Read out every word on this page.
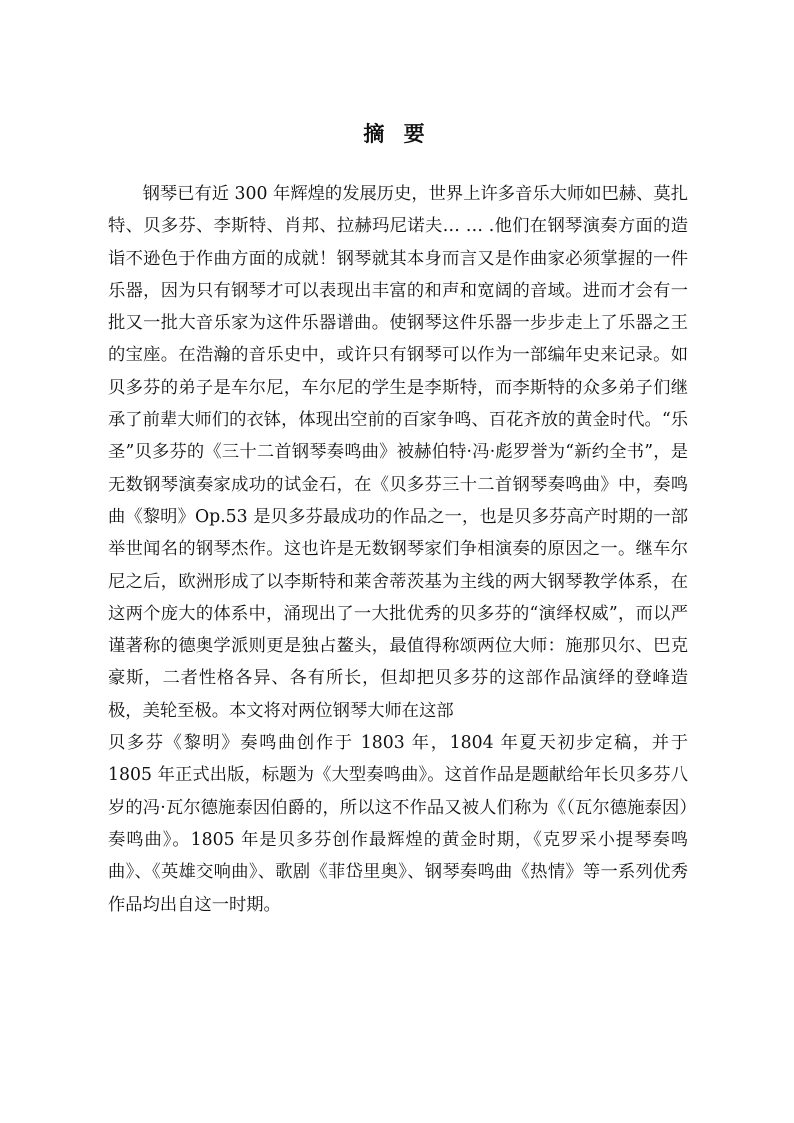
摘 要

钢琴已有近 300 年辉煌的发展历史，世界上许多音乐大师如巴赫、莫扎特、贝多芬、李斯特、肖邦、拉赫玛尼诺夫… … .他们在钢琴演奏方面的造诣不逊色于作曲方面的成就！钢琴就其本身而言又是作曲家必须掌握的一件乐器，因为只有钢琴才可以表现出丰富的和声和宽阔的音域。进而才会有一批又一批大音乐家为这件乐器谱曲。使钢琴这件乐器一步步走上了乐器之王的宝座。在浩瀚的音乐史中，或许只有钢琴可以作为一部编年史来记录。如贝多芬的弟子是车尔尼，车尔尼的学生是李斯特，而李斯特的众多弟子们继承了前辈大师们的衣钵，体现出空前的百家争鸣、百花齐放的黄金时代。“乐圣”贝多芬的《三十二首钢琴奏鸣曲》被赫伯特·冯·彪罗誉为“新约全书”，是无数钢琴演奏家成功的试金石，在《贝多芬三十二首钢琴奏鸣曲》中，奏鸣曲《黎明》Op.53 是贝多芬最成功的作品之一，也是贝多芬高产时期的一部举世闻名的钢琴杰作。这也许是无数钢琴家们争相演奏的原因之一。继车尔尼之后，欧洲形成了以李斯特和莱舍蒂茨基为主线的两大钢琴教学体系，在这两个庞大的体系中，涌现出了一大批优秀的贝多芬的“演绎权威”，而以严谨著称的德奥学派则更是独占鳌头，最值得称颂两位大师：施那贝尔、巴克豪斯，二者性格各异、各有所长，但却把贝多芬的这部作品演绎的登峰造极，美轮至极。本文将对两位钢琴大师在这部

贝多芬《黎明》奏鸣曲创作于 1803 年，1804 年夏天初步定稿，并于 1805 年正式出版，标题为《大型奏鸣曲》。这首作品是题献给年长贝多芬八岁的冯·瓦尔德施泰因伯爵的，所以这不作品又被人们称为《（瓦尔德施泰因）奏鸣曲》。1805 年是贝多芬创作最辉煌的黄金时期，《克罗采小提琴奏鸣曲》、《英雄交响曲》、歌剧《菲岱里奥》、钢琴奏鸣曲《热情》等一系列优秀作品均出自这一时期。
